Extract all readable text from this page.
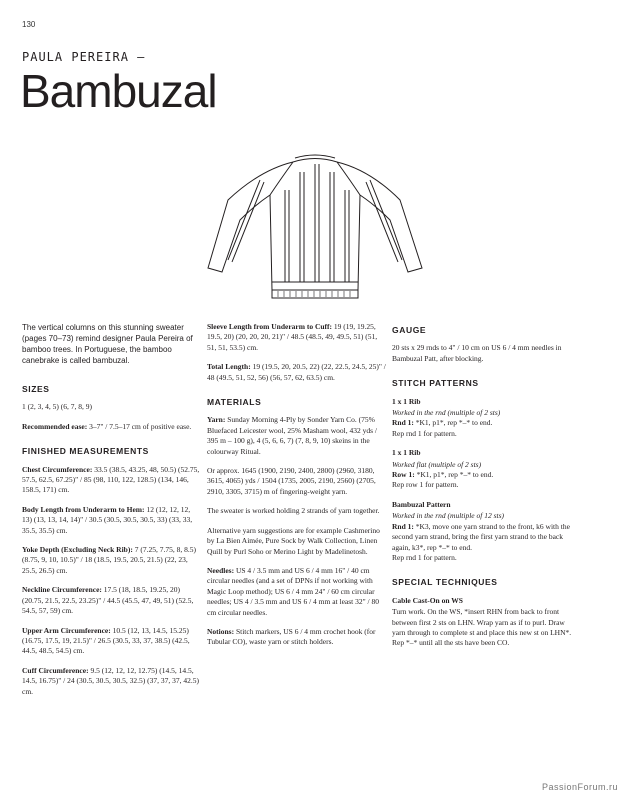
130
PAULA PEREIRA —
Bambuzal

The vertical columns on this stunning sweater (pages 70–73) remind designer Paula Pereira of bamboo trees. In Portuguese, the bamboo canebrake is called bambuzal.

SIZES

1 (2, 3, 4, 5) (6, 7, 8, 9)

Recommended ease: 3–7" / 7.5–17 cm of positive ease.

FINISHED MEASUREMENTS

Chest Circumference: 33.5 (38.5, 43.25, 48, 50.5) (52.75, 57.5, 62.5, 67.25)" / 85 (98, 110, 122, 128.5) (134, 146, 158.5, 171) cm.

Body Length from Underarm to Hem: 12 (12, 12, 12, 13) (13, 13, 14, 14)" / 30.5 (30.5, 30.5, 30.5, 33) (33, 33, 35.5, 35.5) cm.

Yoke Depth (Excluding Neck Rib): 7 (7.25, 7.75, 8, 8.5) (8.75, 9, 10, 10.5)" / 18 (18.5, 19.5, 20.5, 21.5) (22, 23, 25.5, 26.5) cm.

Neckline Circumference: 17.5 (18, 18.5, 19.25, 20) (20.75, 21.5, 22.5, 23.25)" / 44.5 (45.5, 47, 49, 51) (52.5, 54.5, 57, 59) cm.

Upper Arm Circumference: 10.5 (12, 13, 14.5, 15.25) (16.75, 17.5, 19, 21.5)" / 26.5 (30.5, 33, 37, 38.5) (42.5, 44.5, 48.5, 54.5) cm.

Cuff Circumference: 9.5 (12, 12, 12, 12.75) (14.5, 14.5, 14.5, 16.75)" / 24 (30.5, 30.5, 30.5, 32.5) (37, 37, 37, 42.5) cm.

Sleeve Length from Underarm to Cuff: 19 (19, 19.25, 19.5, 20) (20, 20, 20, 21)" / 48.5 (48.5, 49, 49.5, 51) (51, 51, 51, 53.5) cm.

Total Length: 19 (19.5, 20, 20.5, 22) (22, 22.5, 24.5, 25)" / 48 (49.5, 51, 52, 56) (56, 57, 62, 63.5) cm.

MATERIALS

Yarn: Sunday Morning 4-Ply by Sonder Yarn Co. (75% Bluefaced Leicester wool, 25% Masham wool, 432 yds / 395 m – 100 g), 4 (5, 6, 6, 7) (7, 8, 9, 10) skeins in the colourway Ritual.

Or approx. 1645 (1900, 2190, 2400, 2800) (2960, 3180, 3615, 4065) yds / 1504 (1735, 2005, 2190, 2560) (2705, 2910, 3305, 3715) m of fingering-weight yarn.

The sweater is worked holding 2 strands of yarn together.

Alternative yarn suggestions are for example Cashmerino by La Bien Aimée, Pure Sock by Walk Collection, Linen Quill by Purl Soho or Merino Light by Madelinetosh.

Needles: US 4 / 3.5 mm and US 6 / 4 mm 16" / 40 cm circular needles (and a set of DPNs if not working with Magic Loop method); US 6 / 4 mm 24" / 60 cm circular needles; US 4 / 3.5 mm and US 6 / 4 mm at least 32" / 80 cm circular needles.

Notions: Stitch markers, US 6 / 4 mm crochet hook (for Tubular CO), waste yarn or stitch holders.

GAUGE

20 sts x 29 rnds to 4" / 10 cm on US 6 / 4 mm needles in Bambuzal Patt, after blocking.

STITCH PATTERNS

1 x 1 Rib

Worked in the rnd (multiple of 2 sts)

Rnd 1: *K1, p1*, rep *–* to end.

Rep rnd 1 for pattern.

1 x 1 Rib

Worked flat (multiple of 2 sts)

Row 1: *K1, p1*, rep *–* to end.

Rep row 1 for pattern.

Bambuzal Pattern

Worked in the rnd (multiple of 12 sts)

Rnd 1: *K3, move one yarn strand to the front, k6 with the second yarn strand, bring the first yarn strand to the back again, k3*, rep *–* to end.

Rep rnd 1 for pattern.

SPECIAL TECHNIQUES

Cable Cast-On on WS

Turn work. On the WS, *insert RHN from back to front between first 2 sts on LHN. Wrap yarn as if to purl. Draw yarn through to complete st and place this new st on LHN*. Rep *–* until all the sts have been CO.

PassionForum.ru
